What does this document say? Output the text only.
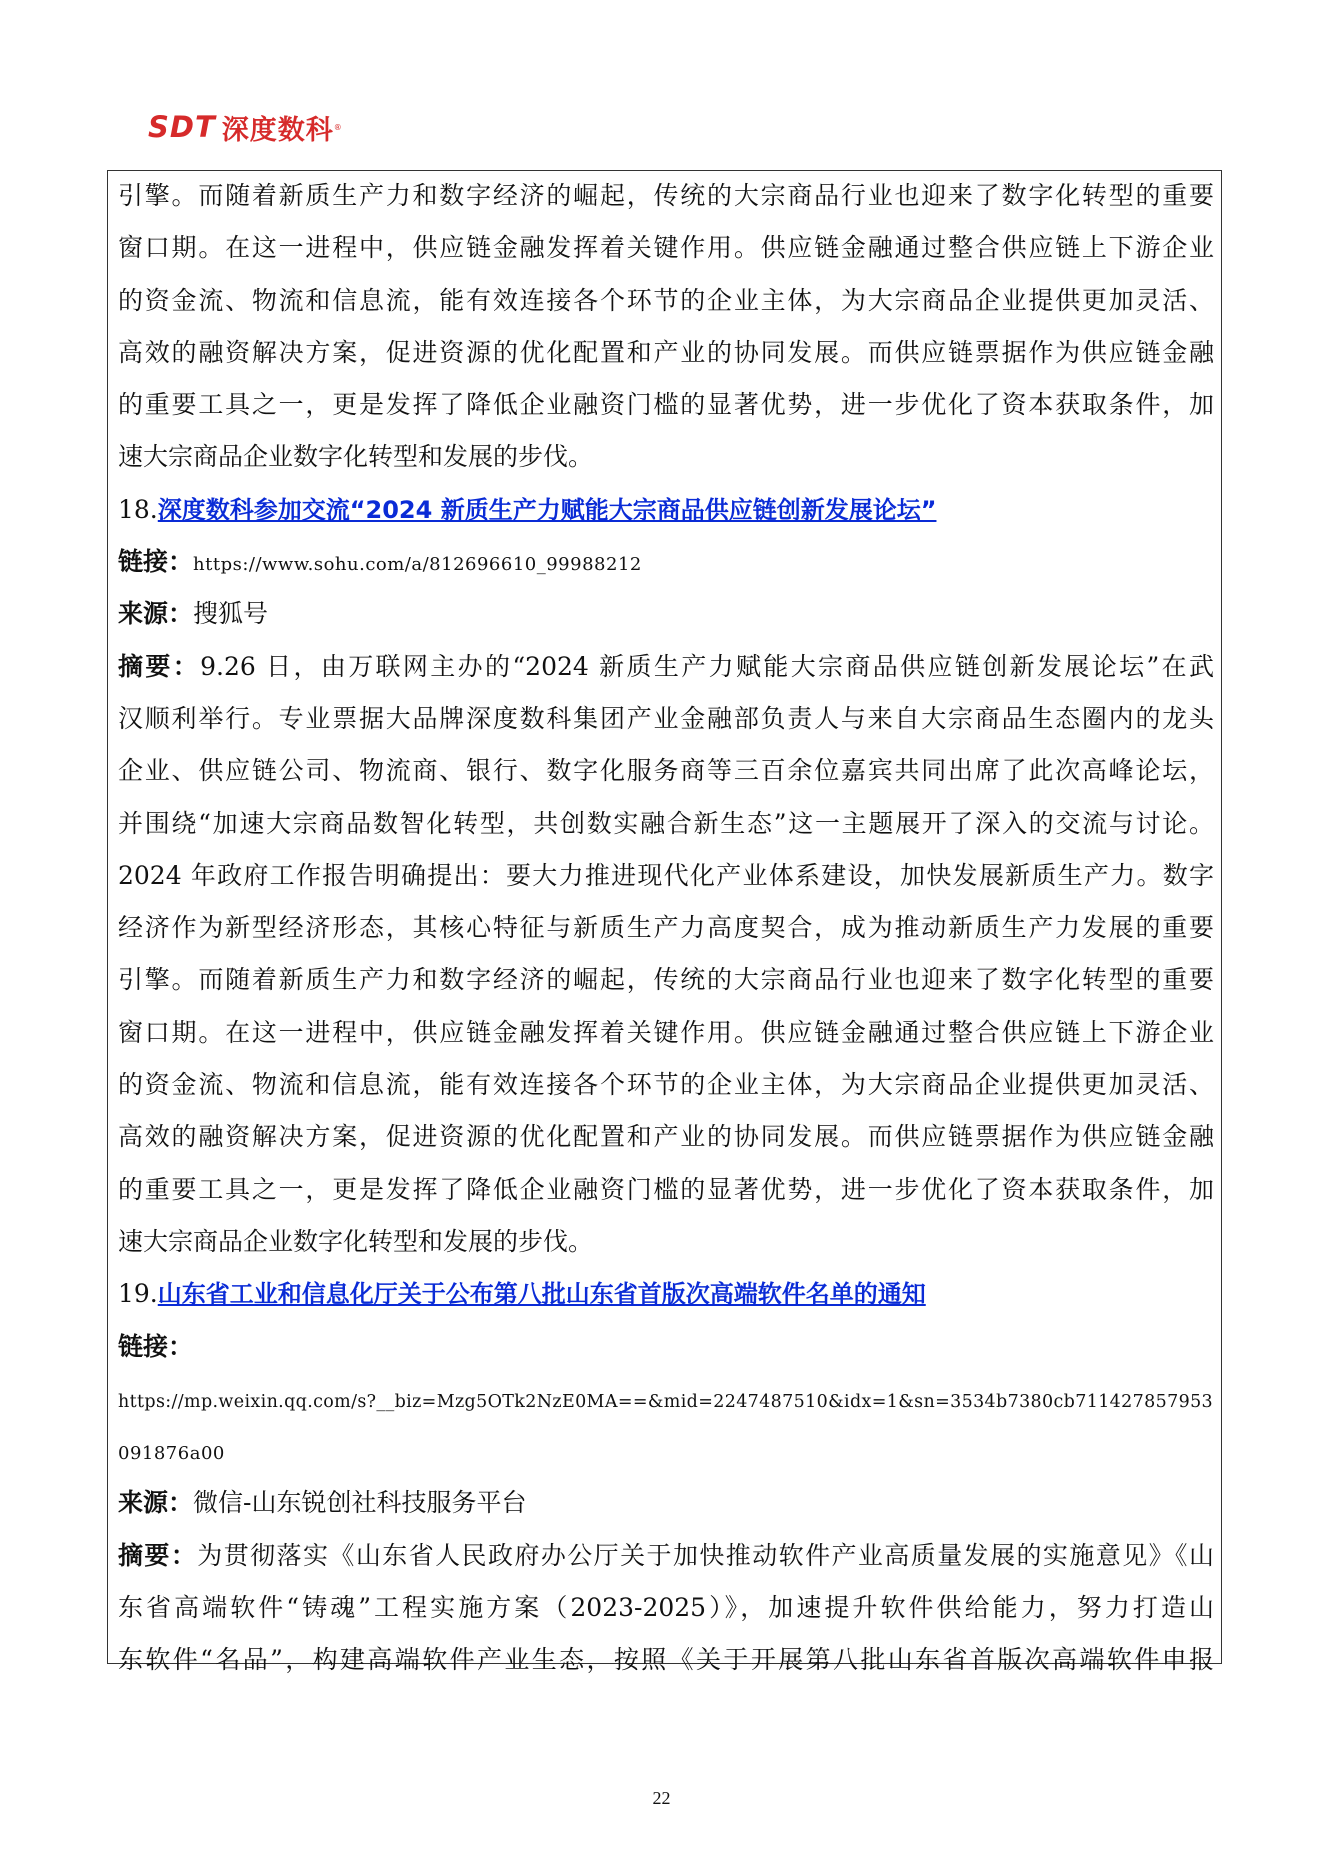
SDT 深度数科 ®
引擎。而随着新质生产力和数字经济的崛起，传统的大宗商品行业也迎来了数字化转型的重要
窗口期。在这一进程中，供应链金融发挥着关键作用。供应链金融通过整合供应链上下游企业
的资金流、物流和信息流，能有效连接各个环节的企业主体，为大宗商品企业提供更加灵活、
高效的融资解决方案，促进资源的优化配置和产业的协同发展。而供应链票据作为供应链金融
的重要工具之一，更是发挥了降低企业融资门槛的显著优势，进一步优化了资本获取条件，加
速大宗商品企业数字化转型和发展的步伐。
18.深度数科参加交流“2024 新质生产力赋能大宗商品供应链创新发展论坛”
链接：https://www.sohu.com/a/812696610_99988212
来源：搜狐号
摘要：9.26 日，由万联网主办的“2024 新质生产力赋能大宗商品供应链创新发展论坛”在武
汉顺利举行。专业票据大品牌深度数科集团产业金融部负责人与来自大宗商品生态圈内的龙头
企业、供应链公司、物流商、银行、数字化服务商等三百余位嘉宾共同出席了此次高峰论坛，
并围绕“加速大宗商品数智化转型，共创数实融合新生态”这一主题展开了深入的交流与讨论。
2024 年政府工作报告明确提出：要大力推进现代化产业体系建设，加快发展新质生产力。数字
经济作为新型经济形态，其核心特征与新质生产力高度契合，成为推动新质生产力发展的重要
引擎。而随着新质生产力和数字经济的崛起，传统的大宗商品行业也迎来了数字化转型的重要
窗口期。在这一进程中，供应链金融发挥着关键作用。供应链金融通过整合供应链上下游企业
的资金流、物流和信息流，能有效连接各个环节的企业主体，为大宗商品企业提供更加灵活、
高效的融资解决方案，促进资源的优化配置和产业的协同发展。而供应链票据作为供应链金融
的重要工具之一，更是发挥了降低企业融资门槛的显著优势，进一步优化了资本获取条件，加
速大宗商品企业数字化转型和发展的步伐。
19.山东省工业和信息化厅关于公布第八批山东省首版次高端软件名单的通知
链接：
https://mp.weixin.qq.com/s?__biz=Mzg5OTk2NzE0MA==&mid=2247487510&idx=1&sn=3534b7380cb711427857953
091876a00
来源：微信-山东锐创社科技服务平台
摘要：为贯彻落实《山东省人民政府办公厅关于加快推动软件产业高质量发展的实施意见》《山
东省高端软件“铸魂”工程实施方案（2023-2025）》，加速提升软件供给能力，努力打造山
东软件“名品”，构建高端软件产业生态，按照《关于开展第八批山东省首版次高端软件申报
22
